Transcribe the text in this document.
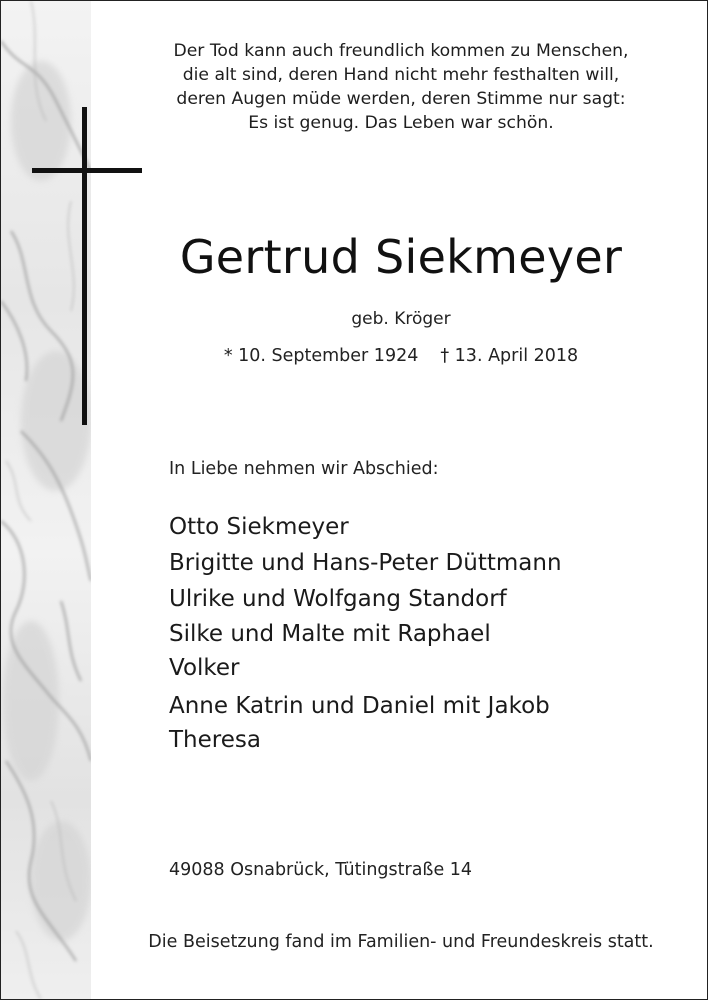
Der Tod kann auch freundlich kommen zu Menschen,
die alt sind, deren Hand nicht mehr festhalten will,
deren Augen müde werden, deren Stimme nur sagt:
Es ist genug. Das Leben war schön.
Gertrud Siekmeyer
geb. Kröger
* 10. September 1924 † 13. April 2018
In Liebe nehmen wir Abschied:
Otto Siekmeyer
Brigitte und Hans-Peter Düttmann
Ulrike und Wolfgang Standorf
Silke und Malte mit Raphael
Volker
Anne Katrin und Daniel mit Jakob
Theresa
49088 Osnabrück, Tütingstraße 14
Die Beisetzung fand im Familien- und Freundeskreis statt.
